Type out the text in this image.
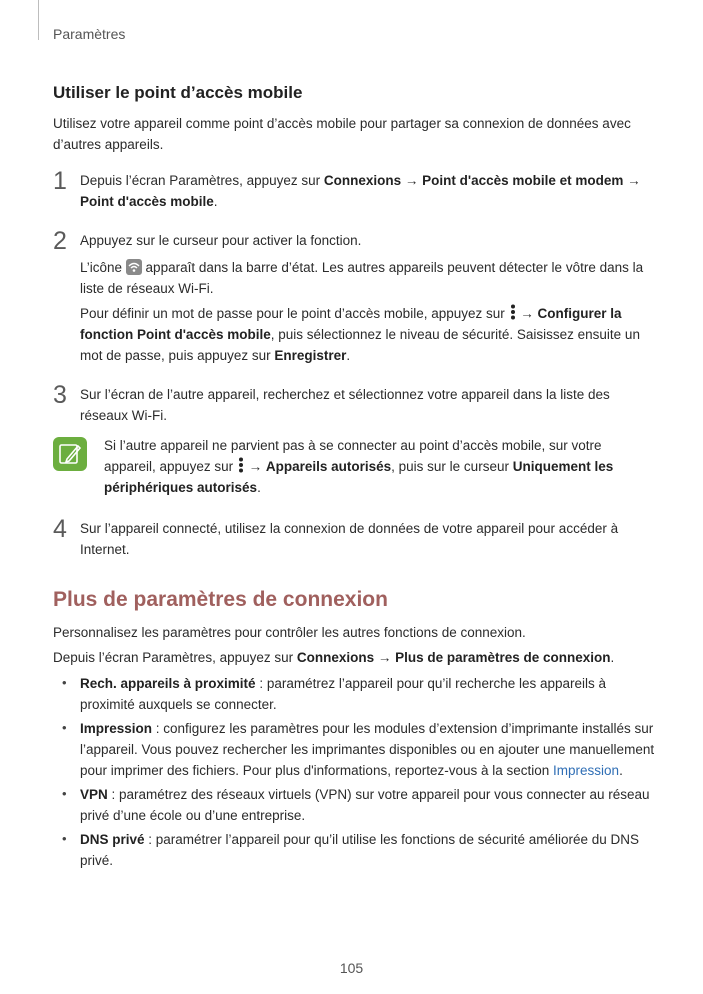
Paramètres
Utiliser le point d’accès mobile
Utilisez votre appareil comme point d’accès mobile pour partager sa connexion de données avec d’autres appareils.
1 Depuis l’écran Paramètres, appuyez sur Connexions → Point d'accès mobile et modem → Point d'accès mobile.
2 Appuyez sur le curseur pour activer la fonction.
L’icône
apparaît dans la barre d’état. Les autres appareils peuvent détecter le vôtre dans la liste de réseaux Wi-Fi.
Pour définir un mot de passe pour le point d’accès mobile, appuyez sur  → Configurer la fonction Point d'accès mobile, puis sélectionnez le niveau de sécurité. Saisissez ensuite un mot de passe, puis appuyez sur Enregistrer.
3 Sur l’écran de l’autre appareil, recherchez et sélectionnez votre appareil dans la liste des réseaux Wi-Fi.
Si l’autre appareil ne parvient pas à se connecter au point d’accès mobile, sur votre appareil, appuyez sur  → Appareils autorisés, puis sur le curseur Uniquement les périphériques autorisés.
4 Sur l’appareil connecté, utilisez la connexion de données de votre appareil pour accéder à Internet.
Plus de paramètres de connexion
Personnalisez les paramètres pour contrôler les autres fonctions de connexion.
Depuis l’écran Paramètres, appuyez sur Connexions → Plus de paramètres de connexion.
• Rech. appareils à proximité : paramétrez l’appareil pour qu’il recherche les appareils à proximité auxquels se connecter.
• Impression : configurez les paramètres pour les modules d’extension d’imprimante installés sur l’appareil. Vous pouvez rechercher les imprimantes disponibles ou en ajouter une manuellement pour imprimer des fichiers. Pour plus d'informations, reportez-vous à la section Impression.
• VPN : paramétrez des réseaux virtuels (VPN) sur votre appareil pour vous connecter au réseau privé d’une école ou d’une entreprise.
• DNS privé : paramétrer l’appareil pour qu’il utilise les fonctions de sécurité améliorée du DNS privé.
105
